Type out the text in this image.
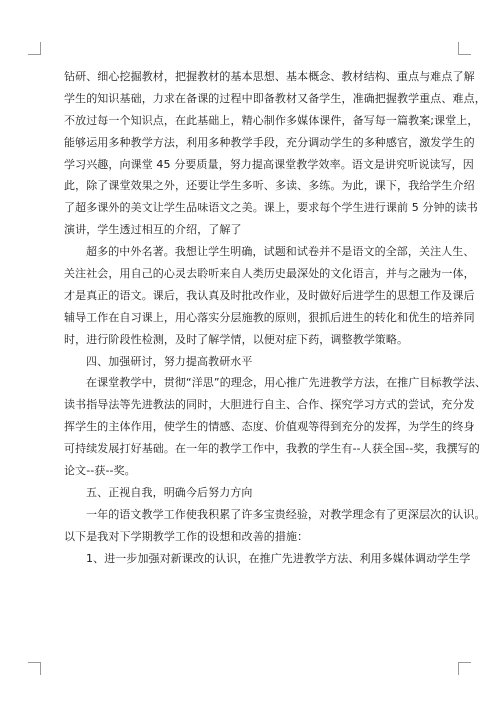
钻研、细心挖掘教材，把握教材的基本思想、基本概念、教材结构、重点与难点了解
学生的知识基础，力求在备课的过程中即备教材又备学生，准确把握教学重点、难点，
不放过每一个知识点，在此基础上，精心制作多媒体课件，备写每一篇教案;课堂上，
能够运用多种教学方法，利用多种教学手段，充分调动学生的多种感官，激发学生的
学习兴趣，向课堂 45 分要质量，努力提高课堂教学效率。语文是讲究听说读写，因
此，除了课堂效果之外，还要让学生多听、多读、多练。为此，课下，我给学生介绍
了超多课外的美文让学生品味语文之美。课上，要求每个学生进行课前 5 分钟的读书
演讲，学生透过相互的介绍，了解了
超多的中外名著。我想让学生明确，试题和试卷并不是语文的全部，关注人生、
关注社会，用自己的心灵去聆听来自人类历史最深处的文化语言，并与之融为一体，
才是真正的语文。课后，我认真及时批改作业，及时做好后进学生的思想工作及课后
辅导工作在自习课上，用心落实分层施教的原则，狠抓后进生的转化和优生的培养同
时，进行阶段性检测，及时了解学情，以便对症下药，调整教学策略。
四、加强研讨，努力提高教研水平
在课堂教学中，贯彻“洋思”的理念，用心推广先进教学方法，在推广目标教学法、
读书指导法等先进教法的同时，大胆进行自主、合作、探究学习方式的尝试，充分发
挥学生的主体作用，使学生的情感、态度、价值观等得到充分的发挥，为学生的终身
可持续发展打好基础。在一年的教学工作中，我教的学生有--人获全国--奖，我撰写的
论文--获--奖。
五、正视自我，明确今后努力方向
一年的语文教学工作使我积累了许多宝贵经验，对教学理念有了更深层次的认识。
以下是我对下学期教学工作的设想和改善的措施：
1、进一步加强对新课改的认识，在推广先进教学方法、利用多媒体调动学生学
